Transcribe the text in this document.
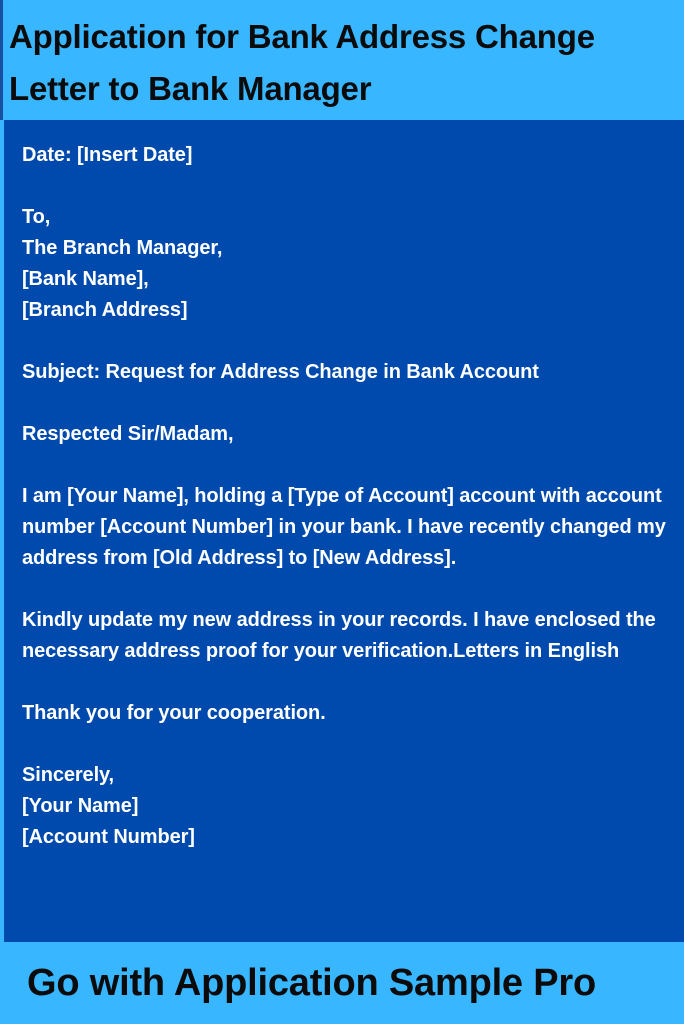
Application for Bank Address Change
Letter to Bank Manager

Date: [Insert Date]

To,
The Branch Manager,
[Bank Name],
[Branch Address]

Subject: Request for Address Change in Bank Account

Respected Sir/Madam,

I am [Your Name], holding a [Type of Account] account with account number [Account Number] in your bank. I have recently changed my address from [Old Address] to [New Address].

Kindly update my new address in your records. I have enclosed the necessary address proof for your verification.Letters in English

Thank you for your cooperation.

Sincerely,
[Your Name]
[Account Number]

Go with Application Sample Pro
